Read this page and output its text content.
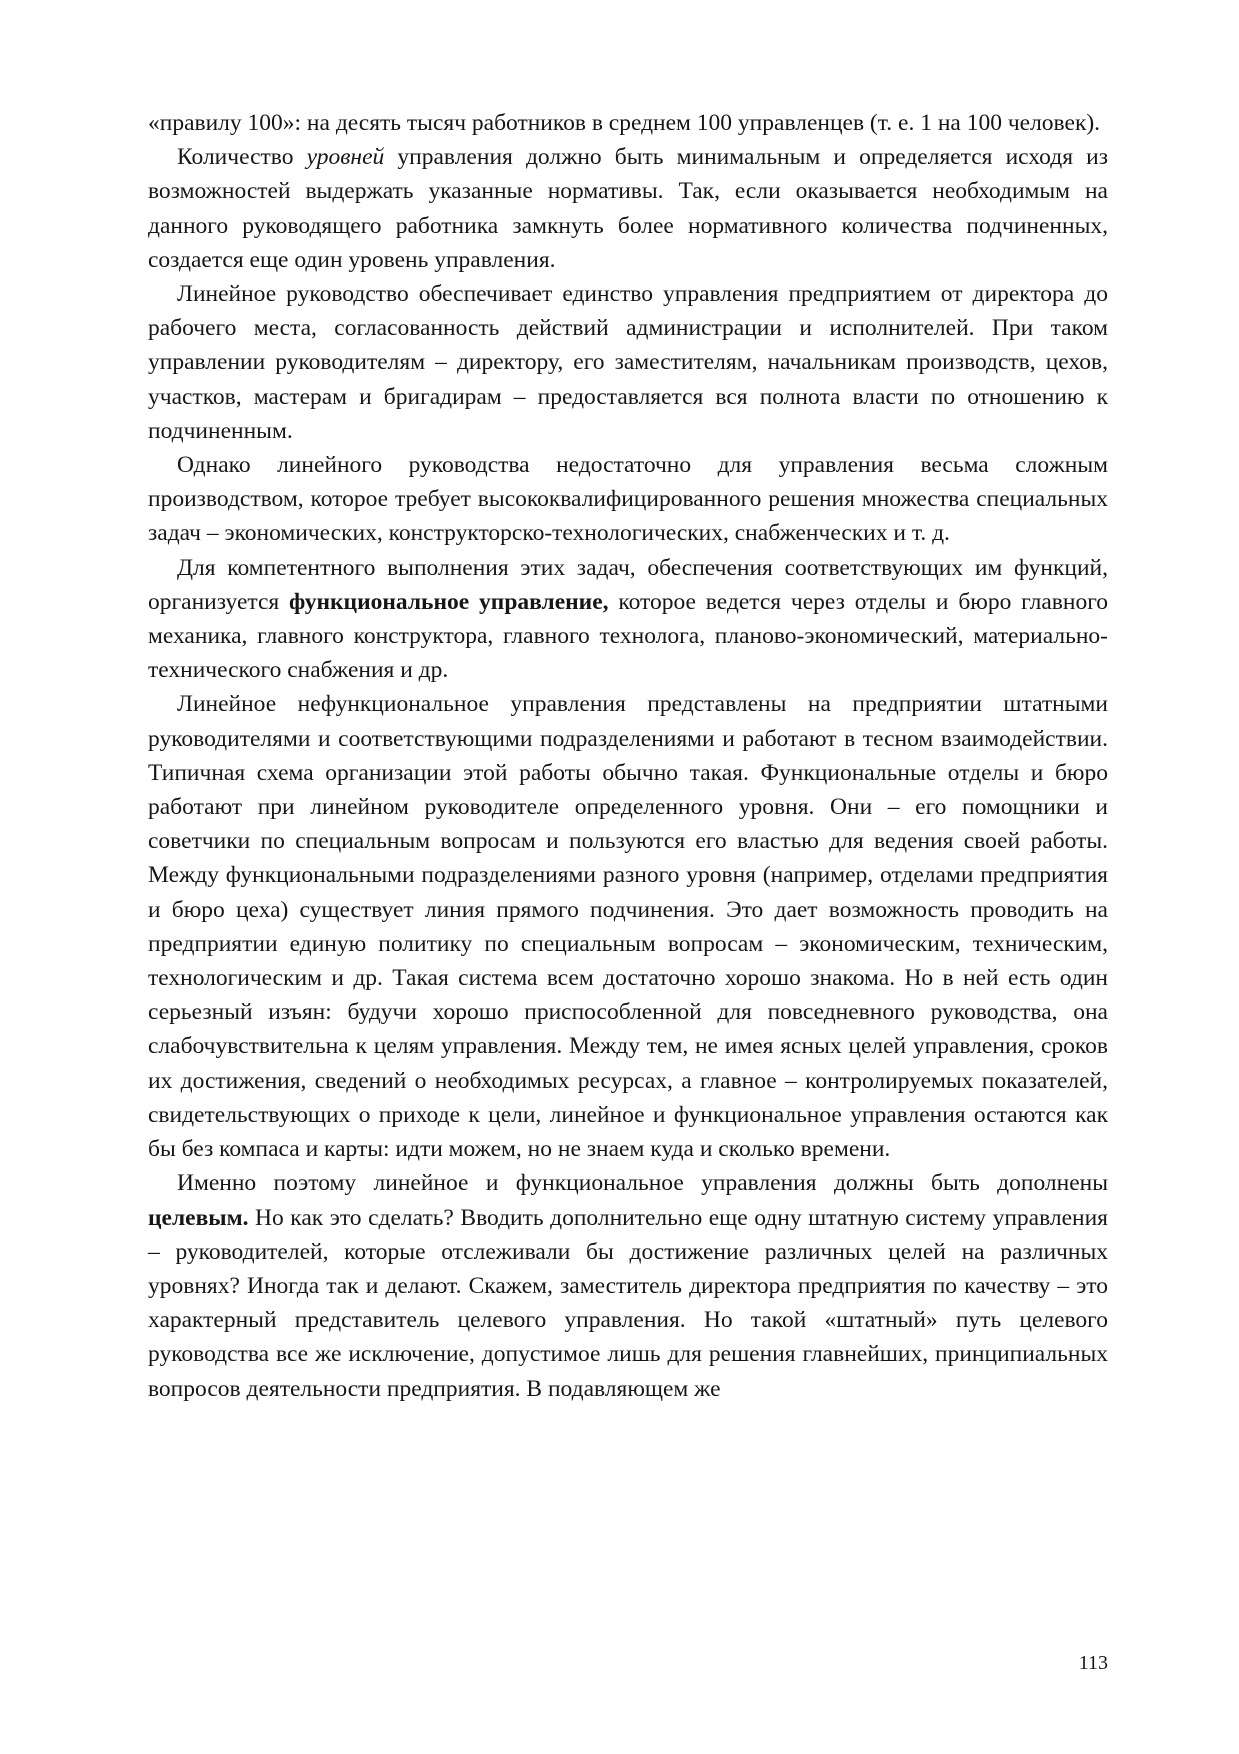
«правилу 100»: на десять тысяч работников в среднем 100 управленцев (т. е. 1 на 100 человек).

Количество уровней управления должно быть минимальным и определяется исходя из возможностей выдержать указанные нормативы. Так, если оказывается необходимым на данного руководящего работника замкнуть более нормативного количества подчиненных, создается еще один уровень управления.

Линейное руководство обеспечивает единство управления предприятием от директора до рабочего места, согласованность действий администрации и исполнителей. При таком управлении руководителям – директору, его заместителям, начальникам производств, цехов, участков, мастерам и бригадирам – предоставляется вся полнота власти по отношению к подчиненным.

Однако линейного руководства недостаточно для управления весьма сложным производством, которое требует высококвалифицированного решения множества специальных задач – экономических, конструкторско-технологических, снабженческих и т. д.

Для компетентного выполнения этих задач, обеспечения соответствующих им функций, организуется функциональное управление, которое ведется через отделы и бюро главного механика, главного конструктора, главного технолога, планово-экономический, материально-технического снабжения и др.

Линейное нефункциональное управления представлены на предприятии штатными руководителями и соответствующими подразделениями и работают в тесном взаимодействии. Типичная схема организации этой работы обычно такая. Функциональные отделы и бюро работают при линейном руководителе определенного уровня. Они – его помощники и советчики по специальным вопросам и пользуются его властью для ведения своей работы. Между функциональными подразделениями разного уровня (например, отделами предприятия и бюро цеха) существует линия прямого подчинения. Это дает возможность проводить на предприятии единую политику по специальным вопросам – экономическим, техническим, технологическим и др. Такая система всем достаточно хорошо знакома. Но в ней есть один серьезный изъян: будучи хорошо приспособленной для повседневного руководства, она слабочувствительна к целям управления. Между тем, не имея ясных целей управления, сроков их достижения, сведений о необходимых ресурсах, а главное – контролируемых показателей, свидетельствующих о приходе к цели, линейное и функциональное управления остаются как бы без компаса и карты: идти можем, но не знаем куда и сколько времени.

Именно поэтому линейное и функциональное управления должны быть дополнены целевым. Но как это сделать? Вводить дополнительно еще одну штатную систему управления – руководителей, которые отслеживали бы достижение различных целей на различных уровнях? Иногда так и делают. Скажем, заместитель директора предприятия по качеству – это характерный представитель целевого управления. Но такой «штатный» путь целевого руководства все же исключение, допустимое лишь для решения главнейших, принципиальных вопросов деятельности предприятия. В подавляющем же

113
